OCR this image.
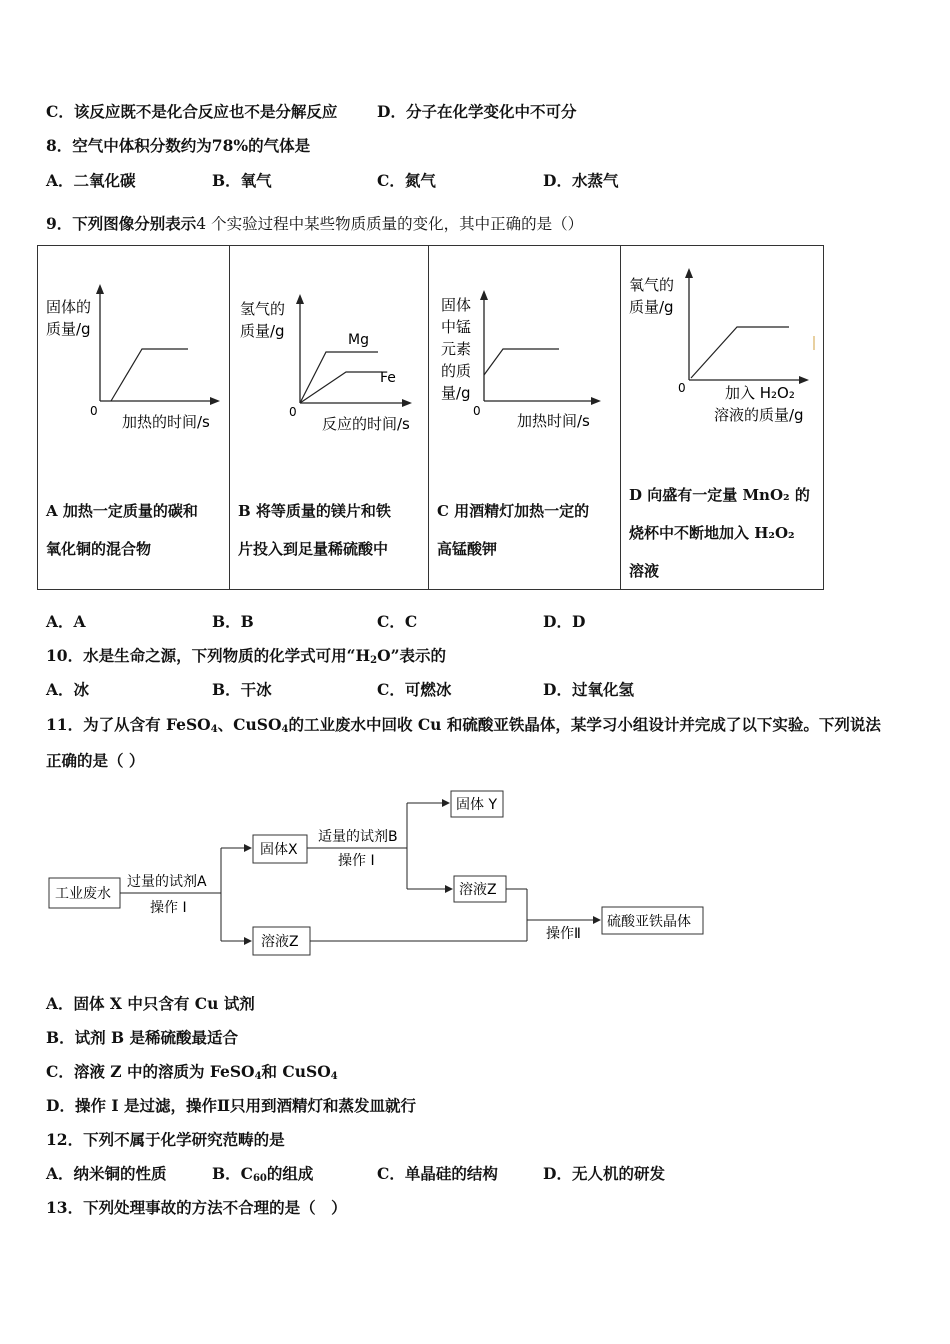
C．该反应既不是化合反应也不是分解反应	D．分子在化学变化中不可分
8．空气中体积分数约为78%的气体是
A．二氧化碳	B．氧气	C．氮气	D．水蒸气
9．下列图像分别表示4 个实验过程中某些物质质量的变化，其中正确的是（）
固体的
质量/g
0
加热的时间/s
A 加热一定质量的碳和
氧化铜的混合物

氢气的
质量/g	Mg
Fe
0
反应的时间/s
B 将等质量的镁片和铁
片投入到足量稀硫酸中

固体
中锰
元素
的质
量/g
0
加热时间/s
C 用酒精灯加热一定的
高锰酸钾

氧气的
质量/g
0	加入 H₂O₂
溶液的质量/g
D 向盛有一定量 MnO₂ 的
烧杯中不断地加入 H₂O₂
溶液
A．A	B．B	C．C	D．D
10．水是生命之源，下列物质的化学式可用“$H_2O$”表示的
A．冰	B．干冰	C．可燃冰	D．过氧化氢
11．为了从含有 FeSO$_4$、CuSO$_4$的工业废水中回收 Cu 和硫酸亚铁晶体，某学习小组设计并完成了以下实验。下列说法
正确的是（ ）
工业废水
固体X
溶液Z
固体 Y
溶液Z
硫酸亚铁晶体
过量的试剂A
操作 I
适量的试剂B
操作 I
操作Ⅱ
A．固体 X 中只含有 Cu 试剂
B．试剂 B 是稀硫酸最适合
C．溶液 Z 中的溶质为 FeSO$_4$和 CuSO$_4$
D．操作 I 是过滤，操作Ⅱ只用到酒精灯和蒸发皿就行
12．下列不属于化学研究范畴的是
A．纳米铜的性质	B．$C_{60}$的组成	C．单晶硅的结构	D．无人机的研发
13．下列处理事故的方法不合理的是（　）
